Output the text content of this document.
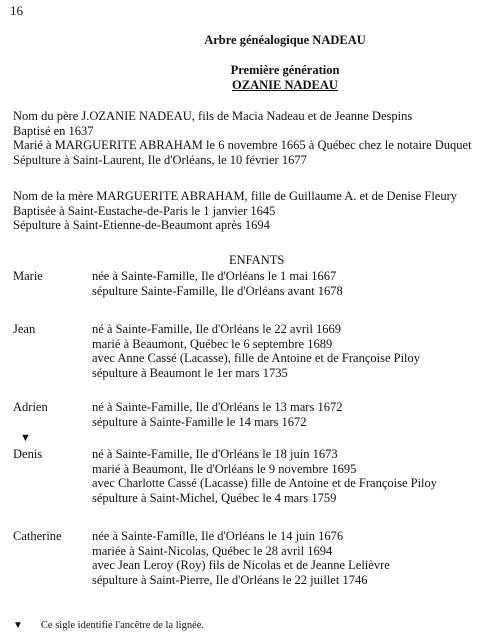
16
Arbre généalogique NADEAU
Première génération
OZANIE NADEAU
Nom du père J.OZANIE NADEAU, fils de Macia Nadeau et de Jeanne Despins
Baptisé en 1637
Marié à MARGUERITE ABRAHAM le 6 novembre 1665 à Québec chez le notaire Duquet
Sépulture à Saint-Laurent, Ile d'Orléans, le 10 février 1677
Nom de la mère MARGUERITE ABRAHAM, fille de Guillaume A. et de Denise Fleury
Baptisée à Saint-Eustache-de-Paris le 1 janvier 1645
Sépulture à Saint-Etienne-de-Beaumont après 1694
ENFANTS
Marie	née à Sainte-Famille, Ile d'Orléans le 1 mai 1667
sépulture Sainte-Famille, Ile d'Orléans avant 1678
Jean	né à Sainte-Famille, Ile d'Orléans le 22 avril 1669
marié à Beaumont, Québec le 6 septembre 1689
avec Anne Cassé (Lacasse), fille de Antoine et de Françoise Piloy
sépulture à Beaumont le 1er mars 1735
Adrien	né à Sainte-Famille, Ile d'Orléans le 13 mars 1672
sépulture à Sainte-Famille le 14 mars 1672
▼
Denis	né à Sainte-Famille, Ile d'Orléans le 18 juin 1673
marié à Beaumont, Ile d'Orléans le 9 novembre 1695
avec Charlotte Cassé (Lacasse) fille de Antoine et de Françoise Piloy
sépulture à Saint-Michel, Québec le 4 mars 1759
Catherine née à Sainte-Famille, Ile d'Orléans le 14 juin 1676
mariée à Saint-Nicolas, Québec le 28 avril 1694
avec Jean Leroy (Roy) fils de Nicolas et de Jeanne Lelièvre
sépulture à Saint-Pierre, Ile d'Orléans le 22 juillet 1746
▼ Ce sigle identifie l'ancêtre de la lignée.
